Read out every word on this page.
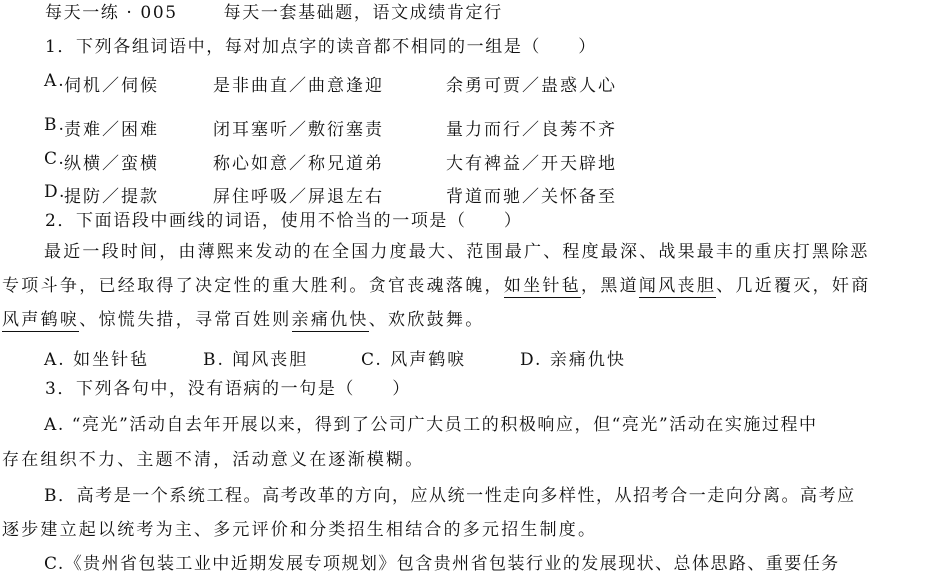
每天一练 · 005	每天一套基础题，语文成绩肯定行
1．下列各组词语中，每对加点字的读音都不相同的一组是（　　）
A.
伺机／伺候	是非曲直／曲意逢迎	余勇可贾／蛊惑人心
B.
责难／困难	闭耳塞听／敷衍塞责	量力而行／良莠不齐
C.
纵横／蛮横	称心如意／称兄道弟	大有裨益／开天辟地
D.
提防／提款	屏住呼吸／屏退左右	背道而驰／关怀备至
2．下面语段中画线的词语，使用不恰当的一项是（　　）
最近一段时间，由薄熙来发动的在全国力度最大、范围最广、程度最深、战果最丰的重庆打黑除恶
专项斗争，已经取得了决定性的重大胜利。贪官丧魂落魄，如坐针毡，黑道闻风丧胆、几近覆灭，奸商
风声鹤唳、惊慌失措，寻常百姓则亲痛仇快、欢欣鼓舞。
A. 如坐针毡	B. 闻风丧胆	C. 风声鹤唳	D. 亲痛仇快
3．下列各句中，没有语病的一句是（　　）
A. “亮光”活动自去年开展以来，得到了公司广大员工的积极响应，但“亮光”活动在实施过程中
存在组织不力、主题不清，活动意义在逐渐模糊。
B．高考是一个系统工程。高考改革的方向，应从统一性走向多样性，从招考合一走向分离。高考应
逐步建立起以统考为主、多元评价和分类招生相结合的多元招生制度。
C.《贵州省包装工业中近期发展专项规划》包含贵州省包装行业的发展现状、总体思路、重要任务
